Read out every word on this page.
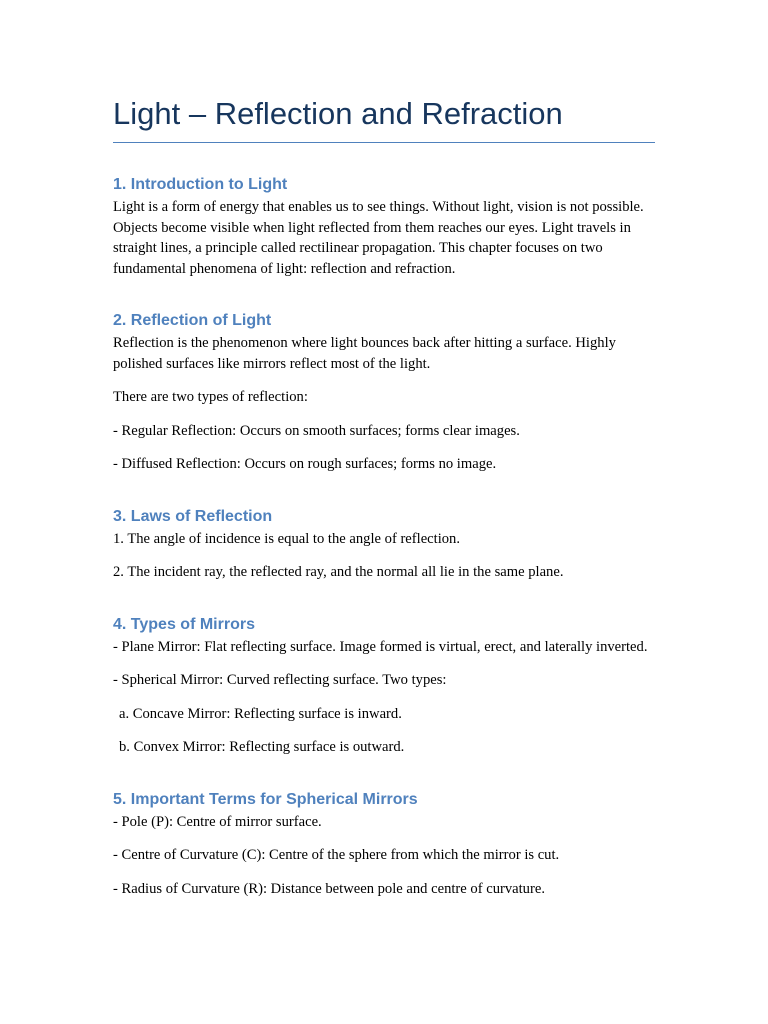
Light – Reflection and Refraction
1. Introduction to Light

Light is a form of energy that enables us to see things. Without light, vision is not possible. Objects become visible when light reflected from them reaches our eyes. Light travels in straight lines, a principle called rectilinear propagation. This chapter focuses on two fundamental phenomena of light: reflection and refraction.

2. Reflection of Light

Reflection is the phenomenon where light bounces back after hitting a surface. Highly polished surfaces like mirrors reflect most of the light.

There are two types of reflection:

- Regular Reflection: Occurs on smooth surfaces; forms clear images.

- Diffused Reflection: Occurs on rough surfaces; forms no image.

3. Laws of Reflection

1. The angle of incidence is equal to the angle of reflection.

2. The incident ray, the reflected ray, and the normal all lie in the same plane.

4. Types of Mirrors

- Plane Mirror: Flat reflecting surface. Image formed is virtual, erect, and laterally inverted.

- Spherical Mirror: Curved reflecting surface. Two types:

a. Concave Mirror: Reflecting surface is inward.

b. Convex Mirror: Reflecting surface is outward.

5. Important Terms for Spherical Mirrors

- Pole (P): Centre of mirror surface.

- Centre of Curvature (C): Centre of the sphere from which the mirror is cut.

- Radius of Curvature (R): Distance between pole and centre of curvature.
